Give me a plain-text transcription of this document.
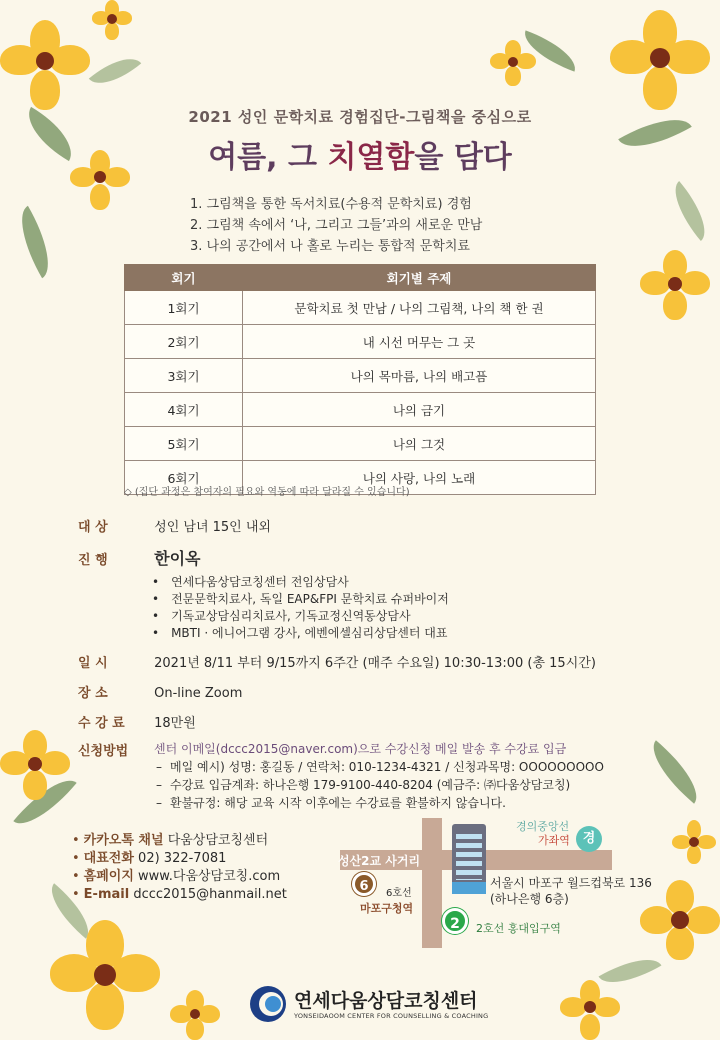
2021 성인 문학치료 경험집단-그림책을 중심으로
여름, 그 치열함을 담다
1. 그림책을 통한 독서치료(수용적 문학치료) 경험
2. 그림책 속에서 ‘나, 그리고 그들’과의 새로운 만남
3. 나의 공간에서 나 홀로 누리는 통합적 문학치료
회기	회기별 주제
1회기	문학치료 첫 만남 / 나의 그림책, 나의 책 한 권
2회기	내 시선 머무는 그 곳
3회기	나의 목마름, 나의 배고픔
4회기	나의 금기
5회기	나의 그것
6회기	나의 사랑, 나의 노래
◇ (집단 과정은 참여자의 필요와 역동에 따라 달라질 수 있습니다)
대 상	성인 남녀 15인 내외
진 행	한이옥
• 연세다움상담코칭센터 전임상담사
• 전문문학치료사, 독일 EAP&FPI 문학치료 슈퍼바이저
• 기독교상담심리치료사, 기독교정신역동상담사
• MBTI · 에니어그램 강사, 에벤에셀심리상담센터 대표
일 시	2021년 8/11 부터 9/15까지 6주간 (매주 수요일) 10:30-13:00 (총 15시간)
장 소	On-line Zoom
수 강 료 18만원
신청방법	센터 이메일(dccc2015@naver.com)으로 수강신청 메일 발송 후 수강료 입금
– 메일 예시) 성명: 홍길동 / 연락처: 010-1234-4321 / 신청과목명: OOOOOOOOO
– 수강료 입금계좌: 하나은행 179-9100-440-8204 (예금주: ㈜다움상담코칭)
– 환불규정: 해당 교육 시작 이후에는 수강료를 환불하지 않습니다.
• 카카오톡 채널 다움상담코칭센터
• 대표전화 02) 322-7081
• 홈페이지 www.다움상담코칭.com
• E-mail dccc2015@hanmail.net
성산2교 사거리
경의중앙선
가좌역 경
6	6호선
마포구청역
2	2호선 홍대입구역
서울시 마포구 월드컵북로 136
(하나은행 6층)
연세다움상담코칭센터
YONSEIDAOOM CENTER FOR COUNSELLING & COACHING
